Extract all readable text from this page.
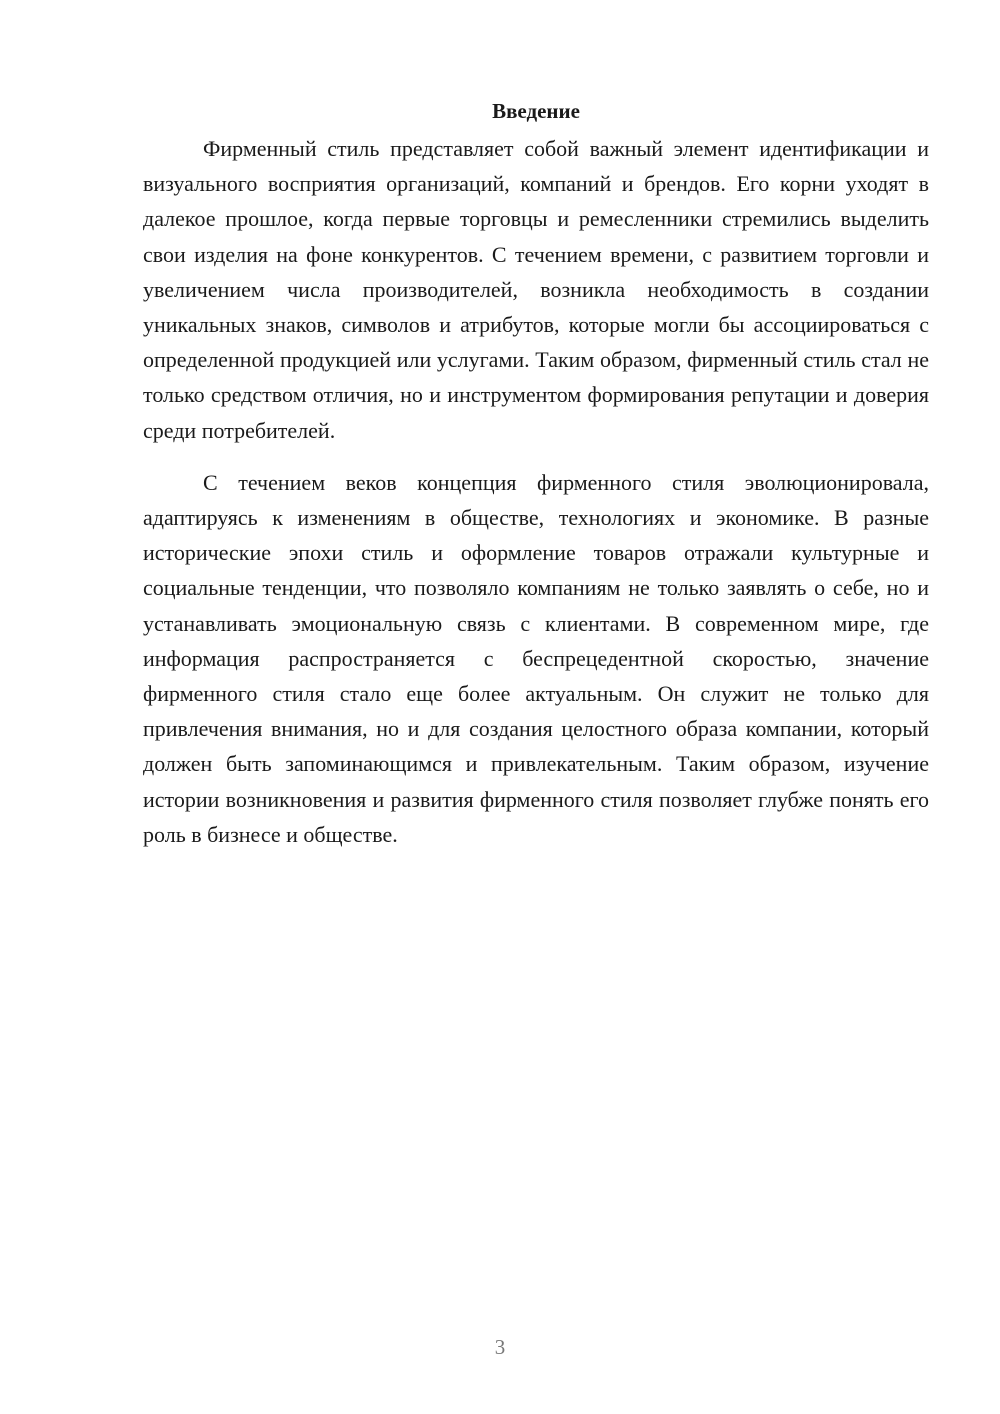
Введение

Фирменный стиль представляет собой важный элемент идентификации и визуального восприятия организаций, компаний и брендов. Его корни уходят в далекое прошлое, когда первые торговцы и ремесленники стремились выделить свои изделия на фоне конкурентов. С течением времени, с развитием торговли и увеличением числа производителей, возникла необходимость в создании уникальных знаков, символов и атрибутов, которые могли бы ассоциироваться с определенной продукцией или услугами. Таким образом, фирменный стиль стал не только средством отличия, но и инструментом формирования репутации и доверия среди потребителей.

С течением веков концепция фирменного стиля эволюционировала, адаптируясь к изменениям в обществе, технологиях и экономике. В разные исторические эпохи стиль и оформление товаров отражали культурные и социальные тенденции, что позволяло компаниям не только заявлять о себе, но и устанавливать эмоциональную связь с клиентами. В современном мире, где информация распространяется с беспрецедентной скоростью, значение фирменного стиля стало еще более актуальным. Он служит не только для привлечения внимания, но и для создания целостного образа компании, который должен быть запоминающимся и привлекательным. Таким образом, изучение истории возникновения и развития фирменного стиля позволяет глубже понять его роль в бизнесе и обществе.

3
